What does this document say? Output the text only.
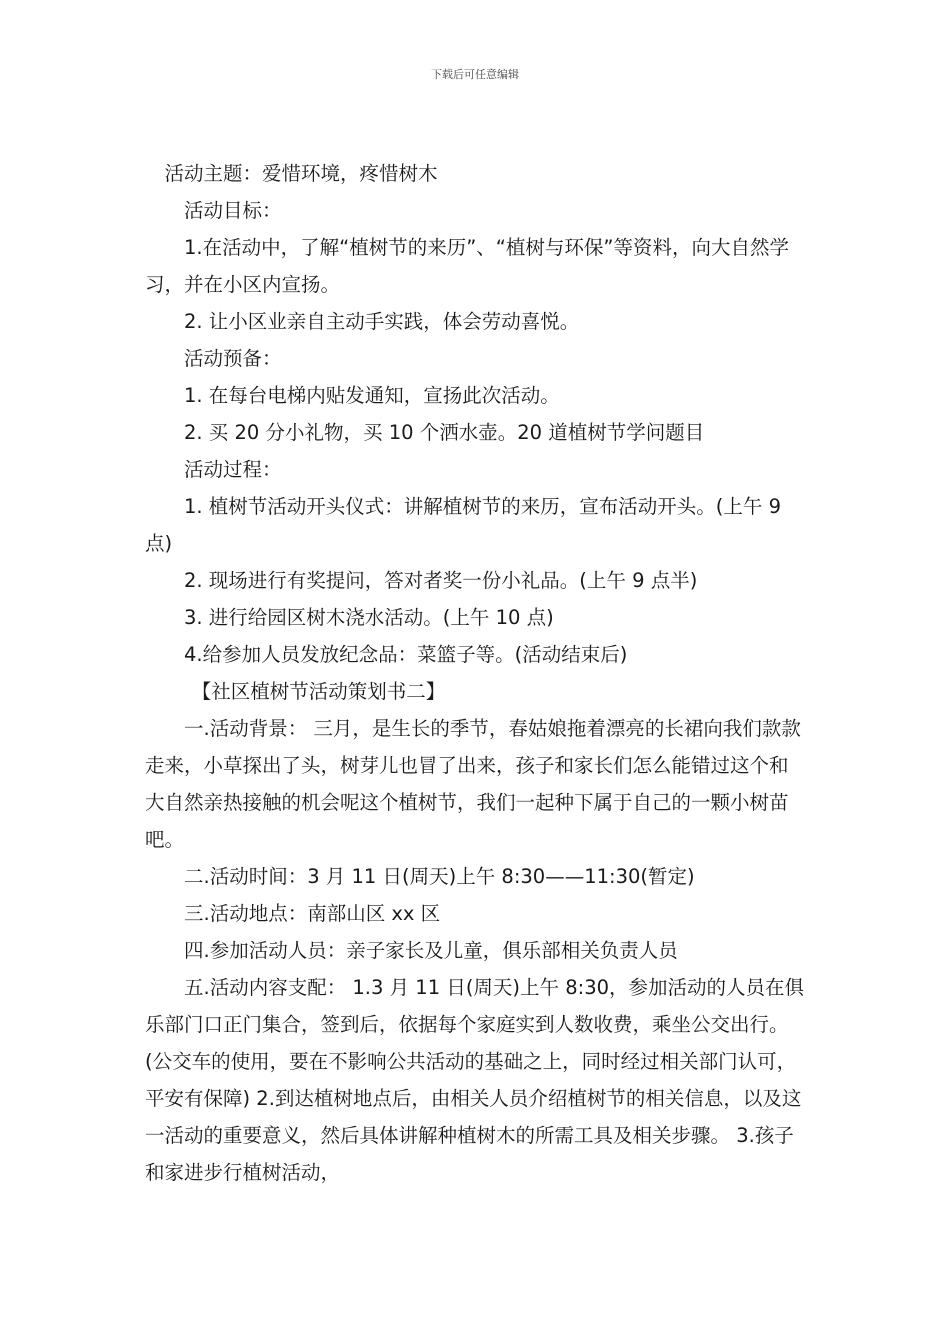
下载后可任意编辑

活动主题：爱惜环境，疼惜树木

活动目标：

1.在活动中，了解“植树节的来历”、“植树与环保”等资料，向大自然学习，并在小区内宣扬。

2. 让小区业亲自主动手实践，体会劳动喜悦。

活动预备：

1. 在每台电梯内贴发通知，宣扬此次活动。

2. 买 20 分小礼物，买 10 个洒水壶。20 道植树节学问题目

活动过程：

1. 植树节活动开头仪式：讲解植树节的来历，宣布活动开头。(上午 9 点)

2. 现场进行有奖提问，答对者奖一份小礼品。(上午 9 点半)

3. 进行给园区树木浇水活动。(上午 10 点)

4.给参加人员发放纪念品：菜篮子等。(活动结束后)

【社区植树节活动策划书二】

一.活动背景： 三月，是生长的季节，春姑娘拖着漂亮的长裙向我们款款走来，小草探出了头，树芽儿也冒了出来，孩子和家长们怎么能错过这个和大自然亲热接触的机会呢这个植树节，我们一起种下属于自己的一颗小树苗吧。

二.活动时间：3 月 11 日(周天)上午 8:30——11:30(暂定)

三.活动地点：南部山区 xx 区

四.参加活动人员：亲子家长及儿童，俱乐部相关负责人员

五.活动内容支配： 1.3 月 11 日(周天)上午 8:30，参加活动的人员在俱乐部门口正门集合，签到后，依据每个家庭实到人数收费，乘坐公交出行。(公交车的使用，要在不影响公共活动的基础之上，同时经过相关部门认可，平安有保障) 2.到达植树地点后，由相关人员介绍植树节的相关信息，以及这一活动的重要意义，然后具体讲解种植树木的所需工具及相关步骤。 3.孩子和家进步行植树活动，
